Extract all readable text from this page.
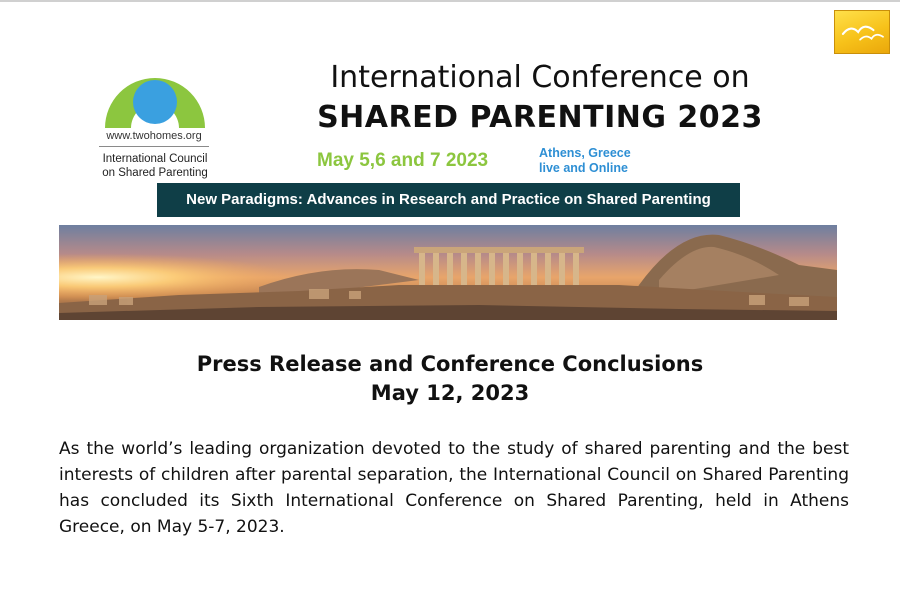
www.twohomes.org
International Council
on Shared Parenting
International Conference on
SHARED PARENTING 2023
May 5,6 and 7 2023	Athens, Greece
live and Online
New Paradigms: Advances in Research and Practice on Shared Parenting
Press Release and Conference Conclusions
May 12, 2023

As the world’s leading organization devoted to the study of shared parenting and the best interests of children after parental separation, the International Council on Shared Parenting has concluded its Sixth International Conference on Shared Parenting, held in Athens Greece, on May 5-7, 2023.
